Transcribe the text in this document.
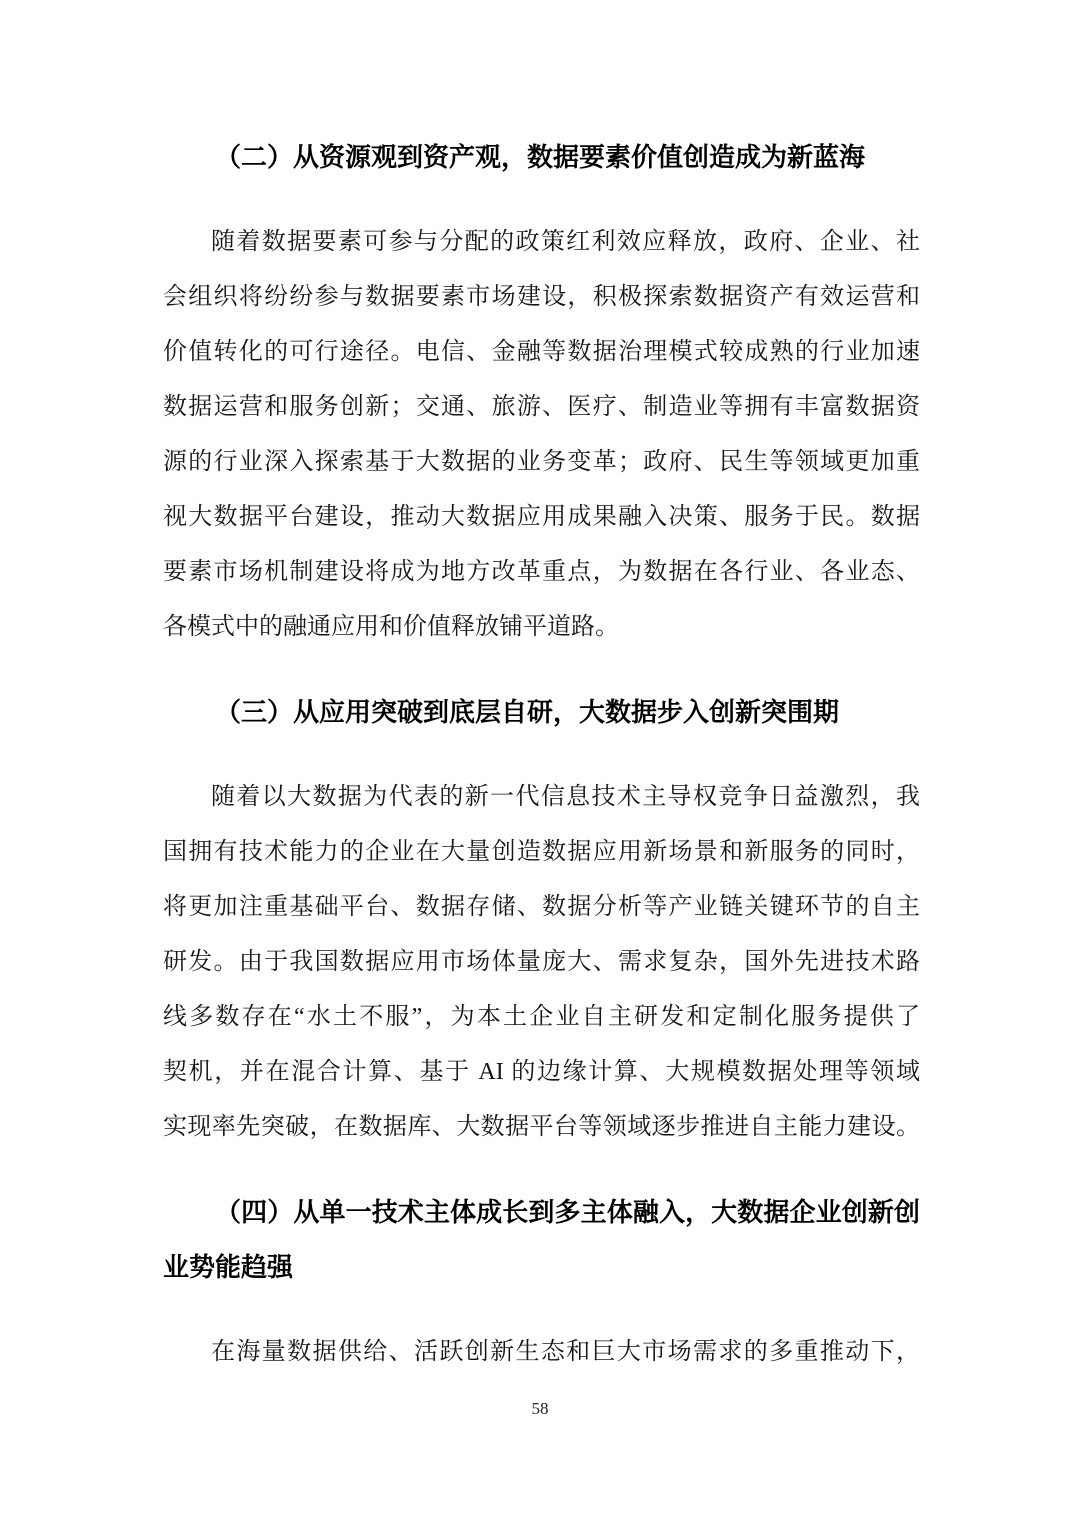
（二）从资源观到资产观，数据要素价值创造成为新蓝海
随着数据要素可参与分配的政策红利效应释放，政府、企业、社
会组织将纷纷参与数据要素市场建设，积极探索数据资产有效运营和
价值转化的可行途径。电信、金融等数据治理模式较成熟的行业加速
数据运营和服务创新；交通、旅游、医疗、制造业等拥有丰富数据资
源的行业深入探索基于大数据的业务变革；政府、民生等领域更加重
视大数据平台建设，推动大数据应用成果融入决策、服务于民。数据
要素市场机制建设将成为地方改革重点，为数据在各行业、各业态、
各模式中的融通应用和价值释放铺平道路。
（三）从应用突破到底层自研，大数据步入创新突围期
随着以大数据为代表的新一代信息技术主导权竞争日益激烈，我
国拥有技术能力的企业在大量创造数据应用新场景和新服务的同时，
将更加注重基础平台、数据存储、数据分析等产业链关键环节的自主
研发。由于我国数据应用市场体量庞大、需求复杂，国外先进技术路
线多数存在“水土不服”，为本土企业自主研发和定制化服务提供了
契机，并在混合计算、基于 AI 的边缘计算、大规模数据处理等领域
实现率先突破，在数据库、大数据平台等领域逐步推进自主能力建设。
（四）从单一技术主体成长到多主体融入，大数据企业创新创
业势能趋强
在海量数据供给、活跃创新生态和巨大市场需求的多重推动下，
58
